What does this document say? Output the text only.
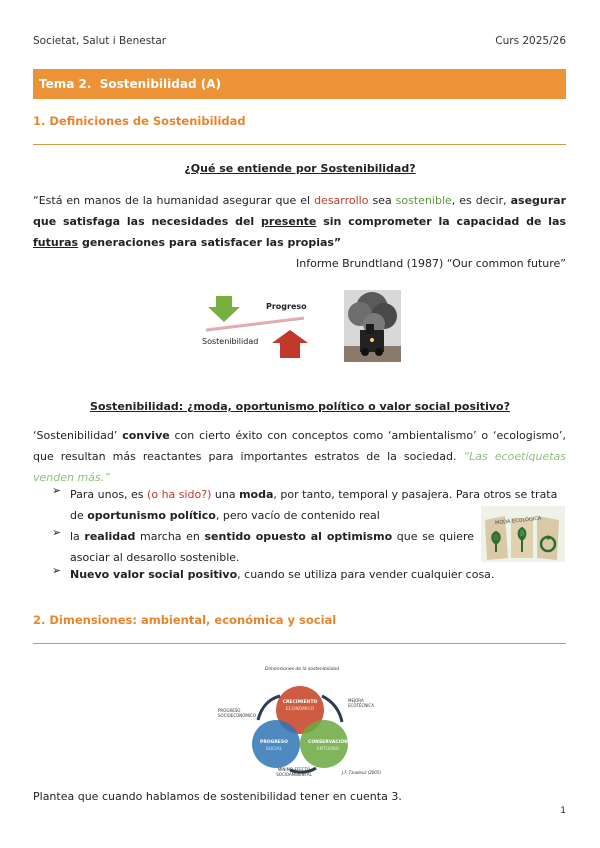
Societat, Salut i Benestar	Curs 2025/26
Tema 2. Sostenibilidad (A)
1. Definiciones de Sostenibilidad
¿Qué se entiende por Sostenibilidad?
“Está en manos de la humanidad asegurar que el desarrollo sea sostenible, es decir, asegurar que satisfaga las necesidades del presente sin comprometer la capacidad de las futuras generaciones para satisfacer las propias”
Informe Brundtland (1987) “Our common future”
Progreso
Sostenibilidad
Sostenibilidad: ¿moda, oportunismo político o valor social positivo?
‘Sostenibilidad’ convive con cierto éxito con conceptos como ‘ambientalismo’ o ‘ecologismo’, que resultan más reactantes para importantes estratos de la sociedad. “Las ecoetiquetas venden más.”
➢ Para unos, es (o ha sido?) una moda, por tanto, temporal y pasajera. Para otros se trata de oportunismo político, pero vacío de contenido real
➢ la realidad marcha en sentido opuesto al optimismo que se quiere asociar al desarollo sostenible.
MODA ECOLÓGICA
➢ Nuevo valor social positivo, cuando se utiliza para vender cualquier cosa.
2. Dimensiones: ambiental, económica y social
Dimensiones de la sostenibilidad
CRECIMIENTO
ECONÓMICO
PROGRESO
SOCIAL
CONSERVACIÓN
ENTORNO
PROGRESO SOCIOECONÓMICO
MEJORA ECOTÉCNICA
MÍNIMO EFECTO SOCIOAMBIENTAL	J.F. Tzuoleuz (2005)
Plantea que cuando hablamos de sostenibilidad tener en cuenta 3.
1
